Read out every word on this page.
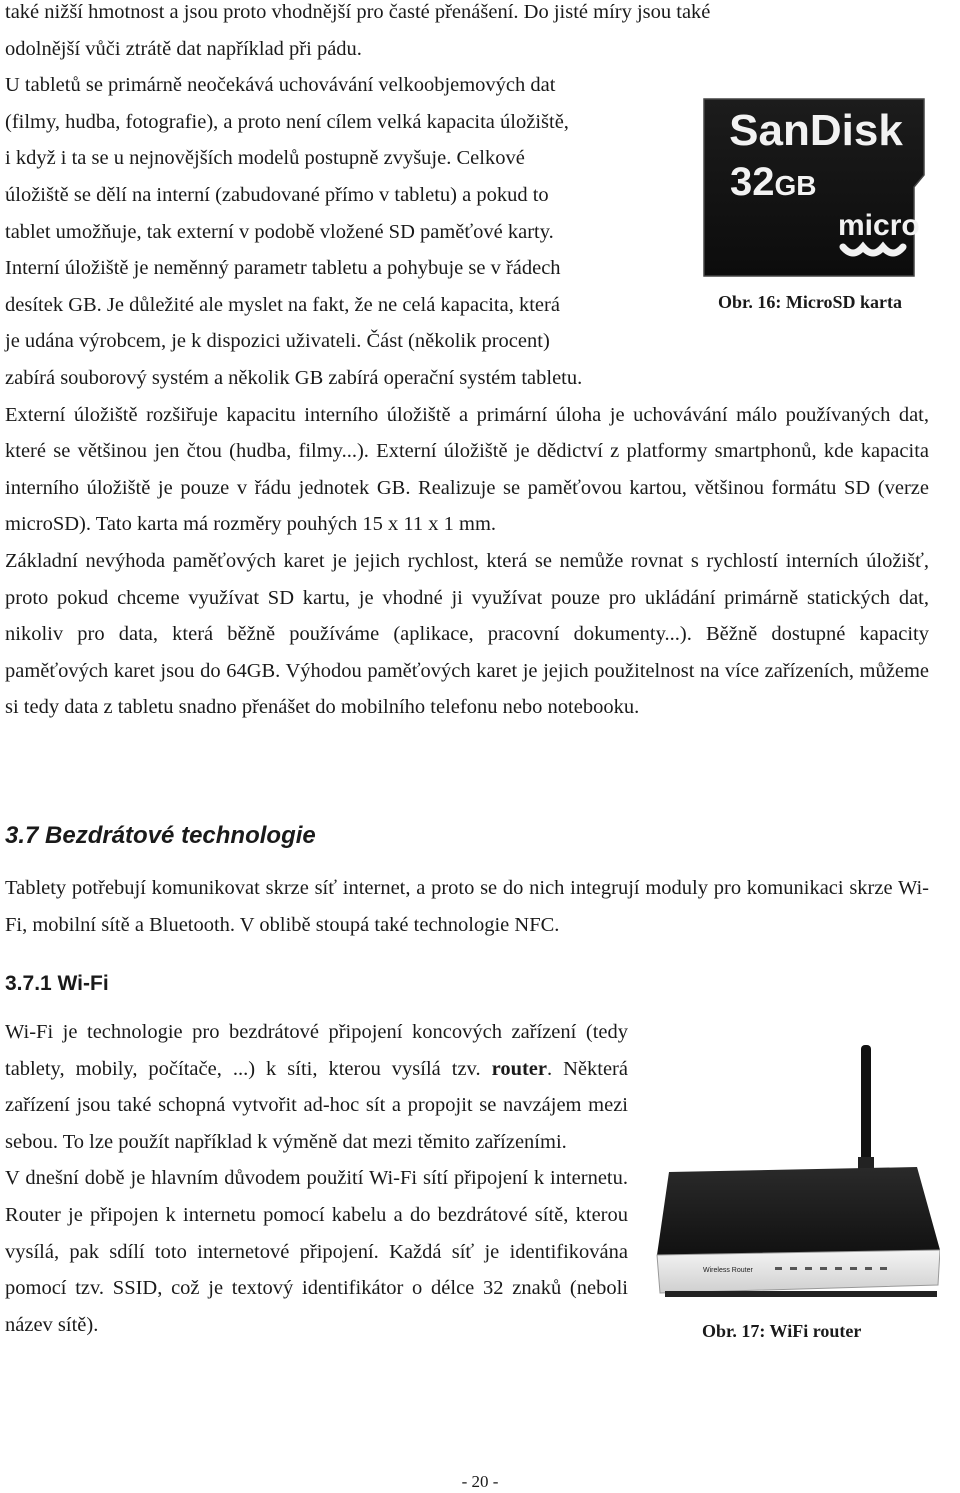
také nižší hmotnost a jsou proto vhodnější pro časté přenášení. Do jisté míry jsou také

odolnější vůči ztrátě dat například při pádu.

U tabletů se primárně neočekává uchovávání velkoobjemových dat

(filmy, hudba, fotografie), a proto není cílem velká kapacita úložiště,

i když i ta se u nejnovějších modelů postupně zvyšuje. Celkové

úložiště se dělí na interní (zabudované přímo v tabletu) a pokud to

tablet umožňuje, tak externí v podobě vložené SD paměťové karty.

Interní úložiště je neměnný parametr tabletu a pohybuje se v řádech

desítek GB. Je důležité ale myslet na fakt, že ne celá kapacita, která

je udána výrobcem, je k dispozici uživateli. Část (několik procent)

zabírá souborový systém a několik GB zabírá operační systém tabletu.

Externí úložiště rozšiřuje kapacitu interního úložiště a primární úloha je uchovávání málo používaných dat, které se většinou jen čtou (hudba, filmy...). Externí úložiště je dědictví z platformy smartphonů, kde kapacita interního úložiště je pouze v řádu jednotek GB. Realizuje se paměťovou kartou, většinou formátu SD (verze microSD). Tato karta má rozměry pouhých 15 x 11 x 1 mm.

Základní nevýhoda paměťových karet je jejich rychlost, která se nemůže rovnat s rychlostí interních úložišť, proto pokud chceme využívat SD kartu, je vhodné ji využívat pouze pro ukládání primárně statických dat, nikoliv pro data, která běžně používáme (aplikace, pracovní dokumenty...). Běžně dostupné kapacity paměťových karet jsou do 64GB. Výhodou paměťových karet je jejich použitelnost na více zařízeních, můžeme si tedy data z tabletu snadno přenášet do mobilního telefonu nebo notebooku.

SanDisk
32GB
micro

Obr. 16: MicroSD karta

3.7 Bezdrátové technologie

Tablety potřebují komunikovat skrze síť internet, a proto se do nich integrují moduly pro komunikaci skrze Wi-Fi, mobilní sítě a Bluetooth. V oblibě stoupá také technologie NFC.

3.7.1 Wi-Fi

Wi-Fi je technologie pro bezdrátové připojení koncových zařízení (tedy tablety, mobily, počítače, ...) k síti, kterou vysílá tzv. router. Některá zařízení jsou také schopná vytvořit ad-hoc sít a propojit se navzájem mezi sebou. To lze použít například k výměně dat mezi těmito zařízeními.

V dnešní době je hlavním důvodem použití Wi-Fi sítí připojení k internetu. Router je připojen k internetu pomocí kabelu a do bezdrátové sítě, kterou vysílá, pak sdílí toto internetové připojení. Každá síť je identifikována pomocí tzv. SSID, což je textový identifikátor o délce 32 znaků (neboli název sítě).

Wireless Router

Obr. 17: WiFi router

- 20 -
